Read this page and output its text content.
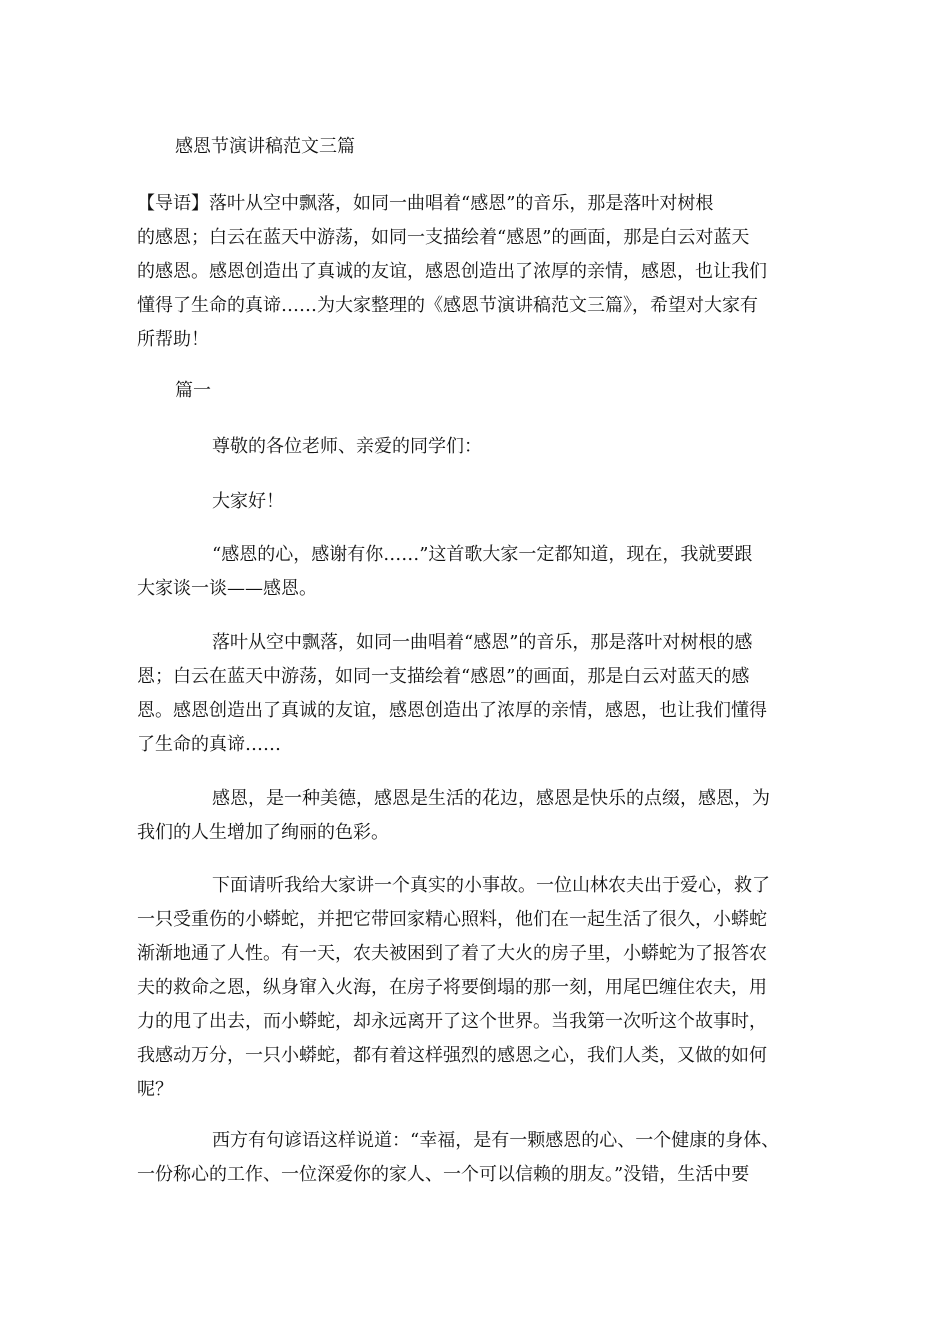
感恩节演讲稿范文三篇
【导语】落叶从空中飘落，如同一曲唱着“感恩”的音乐，那是落叶对树根
的感恩；白云在蓝天中游荡，如同一支描绘着“感恩”的画面，那是白云对蓝天
的感恩。感恩创造出了真诚的友谊，感恩创造出了浓厚的亲情，感恩，也让我们
懂得了生命的真谛……为大家整理的《感恩节演讲稿范文三篇》，希望对大家有
所帮助！
篇一
尊敬的各位老师、亲爱的同学们：
大家好！
“感恩的心，感谢有你……”这首歌大家一定都知道，现在，我就要跟
大家谈一谈——感恩。
落叶从空中飘落，如同一曲唱着“感恩”的音乐，那是落叶对树根的感
恩；白云在蓝天中游荡，如同一支描绘着“感恩”的画面，那是白云对蓝天的感
恩。感恩创造出了真诚的友谊，感恩创造出了浓厚的亲情，感恩，也让我们懂得
了生命的真谛……
感恩，是一种美德，感恩是生活的花边，感恩是快乐的点缀，感恩，为
我们的人生增加了绚丽的色彩。
下面请听我给大家讲一个真实的小事故。一位山林农夫出于爱心，救了
一只受重伤的小蟒蛇，并把它带回家精心照料，他们在一起生活了很久，小蟒蛇
渐渐地通了人性。有一天，农夫被困到了着了大火的房子里，小蟒蛇为了报答农
夫的救命之恩，纵身窜入火海，在房子将要倒塌的那一刻，用尾巴缠住农夫，用
力的甩了出去，而小蟒蛇，却永远离开了这个世界。当我第一次听这个故事时，
我感动万分，一只小蟒蛇，都有着这样强烈的感恩之心，我们人类，又做的如何
呢？
西方有句谚语这样说道：“幸福，是有一颗感恩的心、一个健康的身体、
一份称心的工作、一位深爱你的家人、一个可以信赖的朋友。”没错，生活中要
